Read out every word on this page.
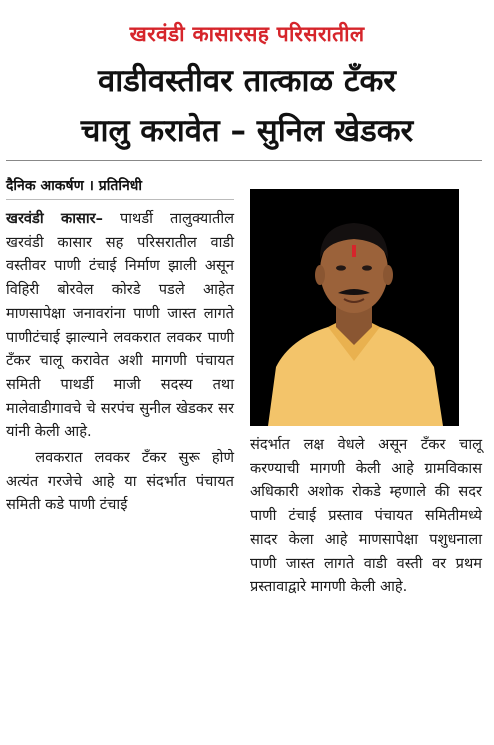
खरवंडी कासारसह परिसरातील
वाडीवस्तीवर तात्काळ टँकर
चालु करावेत – सुनिल खेडकर
दैनिक आकर्षण । प्रतिनिधी

खरवंडी कासार– पाथर्डी तालुक्यातील खरवंडी कासार सह परिसरातील वाडी वस्तीवर पाणी टंचाई निर्माण झाली असून विहिरी बोरवेल कोरडे पडले आहेत माणसापेक्षा जनावरांना पाणी जास्त लागते पाणीटंचाई झाल्याने लवकरात लवकर पाणी टँकर चालू करावेत अशी मागणी पंचायत समिती पाथर्डी माजी सदस्य तथा मालेवाडीगावचे चे सरपंच सुनील खेडकर सर यांनी केली आहे.

लवकरात लवकर टँकर सुरू होणे अत्यंत गरजेचे आहे या संदर्भात पंचायत समिती कडे पाणी टंचाई

संदर्भात लक्ष वेधले असून टँकर चालू करण्याची मागणी केली आहे ग्रामविकास अधिकारी अशोक रोकडे म्हणाले की सदर पाणी टंचाई प्रस्ताव पंचायत समितीमध्ये सादर केला आहे माणसापेक्षा पशुधनाला पाणी जास्त लागते वाडी वस्ती वर प्रथम प्रस्तावाद्वारे मागणी केली आहे.
